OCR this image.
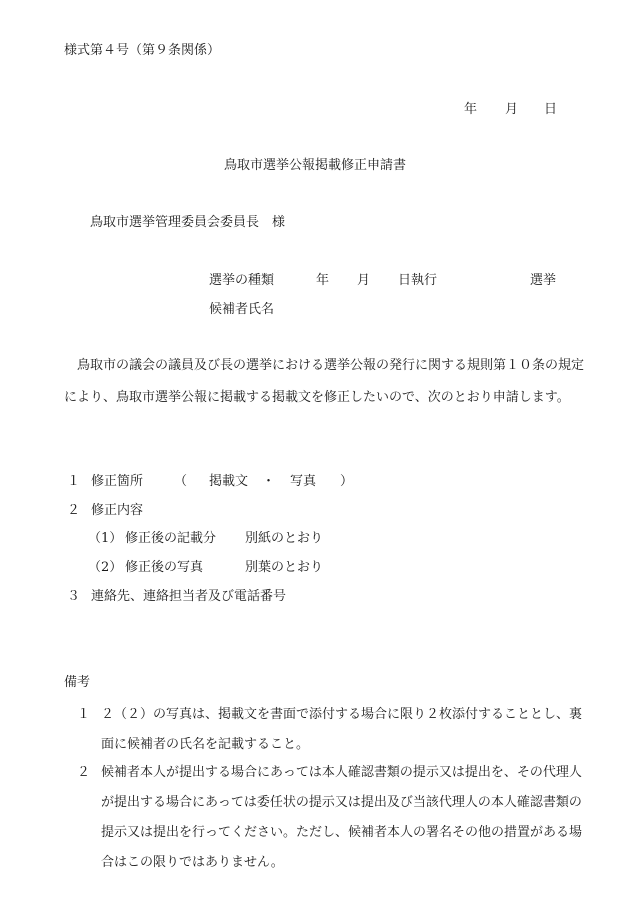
様式第４号（第９条関係）
年 月 日
鳥取市選挙公報掲載修正申請書
鳥取市選挙管理委員会委員長　様
選挙の種類	年 月 日執行	選挙
候補者氏名

鳥取市の議会の議員及び長の選挙における選挙公報の発行に関する規則第１０条の規定により、鳥取市選挙公報に掲載する掲載文を修正したいので、次のとおり申請します。

１ 修正箇所 （ 掲載文 ・ 写真 ）
２ 修正内容
（1） 修正後の記載分 別紙のとおり
（2） 修正後の写真	別葉のとおり
３ 連絡先、連絡担当者及び電話番号
備考
１ ２（２）の写真は、掲載文を書面で添付する場合に限り２枚添付することとし、裏面に候補者の氏名を記載すること。
２ 候補者本人が提出する場合にあっては本人確認書類の提示又は提出を、その代理人が提出する場合にあっては委任状の提示又は提出及び当該代理人の本人確認書類の提示又は提出を行ってください。ただし、候補者本人の署名その他の措置がある場合はこの限りではありません。
